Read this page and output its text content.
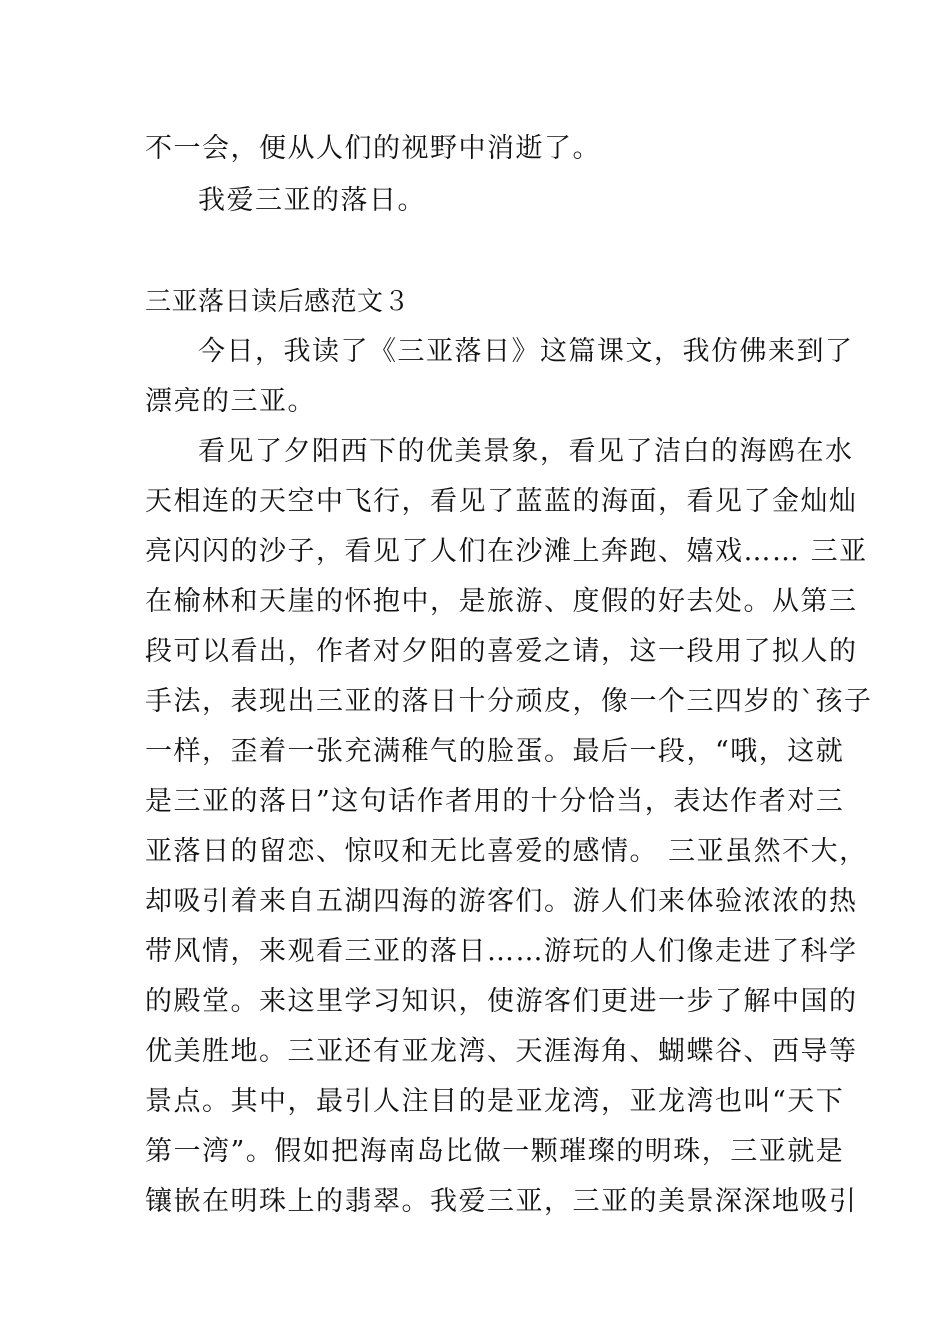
不一会，便从人们的视野中消逝了。
我爱三亚的落日。
三亚落日读后感范文３
今日，我读了《三亚落日》这篇课文，我仿佛来到了
漂亮的三亚。
看见了夕阳西下的优美景象，看见了洁白的海鸥在水
天相连的天空中飞行，看见了蓝蓝的海面，看见了金灿灿
亮闪闪的沙子，看见了人们在沙滩上奔跑、嬉戏…… 三亚
在榆林和天崖的怀抱中，是旅游、度假的好去处。从第三
段可以看出，作者对夕阳的喜爱之请，这一段用了拟人的
手法，表现出三亚的落日十分顽皮，像一个三四岁的`孩子
一样，歪着一张充满稚气的脸蛋。最后一段，“哦，这就
是三亚的落日”这句话作者用的十分恰当，表达作者对三
亚落日的留恋、惊叹和无比喜爱的感情。 三亚虽然不大，
却吸引着来自五湖四海的游客们。游人们来体验浓浓的热
带风情，来观看三亚的落日……游玩的人们像走进了科学
的殿堂。来这里学习知识，使游客们更进一步了解中国的
优美胜地。三亚还有亚龙湾、天涯海角、蝴蝶谷、西导等
景点。其中，最引人注目的是亚龙湾，亚龙湾也叫“天下
第一湾”。假如把海南岛比做一颗璀璨的明珠，三亚就是
镶嵌在明珠上的翡翠。我爱三亚，三亚的美景深深地吸引
